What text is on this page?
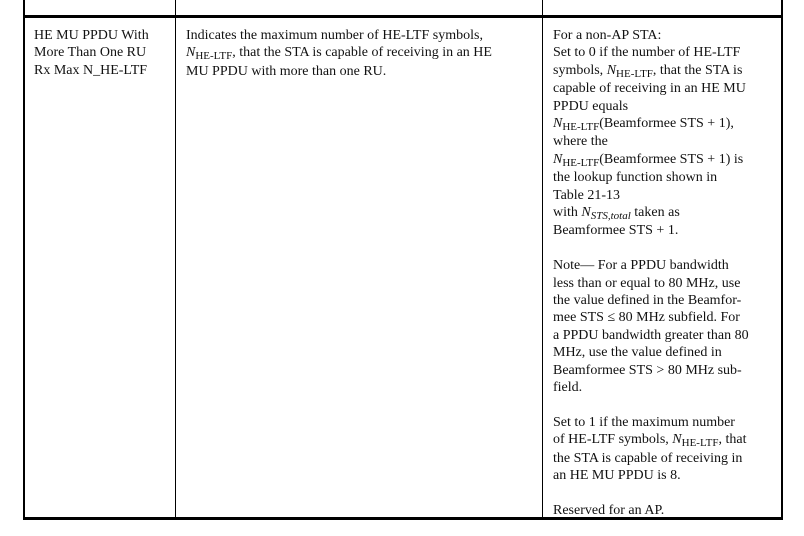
HE MU PPDU With
More Than One RU
Rx Max N_HE-LTF
Indicates the maximum number of HE-LTF symbols,
$N_{HE-LTF}$, that the STA is capable of receiving in an HE
MU PPDU with more than one RU.
For a non-AP STA:
Set to 0 if the number of HE-LTF
symbols, $N_{HE-LTF}$, that the STA is
capable of receiving in an HE MU
PPDU equals
$N_{HE-LTF}(Beamformee$ STS + 1),
where the
$N_{HE-LTF}(Beamformee$ STS + 1) is
the lookup function shown in
Table 21-13
with $N_{STS,total}$ taken as
Beamformee STS + 1.
Note— For a PPDU bandwidth
less than or equal to 80 MHz, use
the value defined in the Beamfor-
mee STS ≤ 80 MHz subfield. For
a PPDU bandwidth greater than 80
MHz, use the value defined in
Beamformee STS > 80 MHz sub-
field.
Set to 1 if the maximum number
of HE-LTF symbols, $N_{HE-LTF}$, that
the STA is capable of receiving in
an HE MU PPDU is 8.
Reserved for an AP.
